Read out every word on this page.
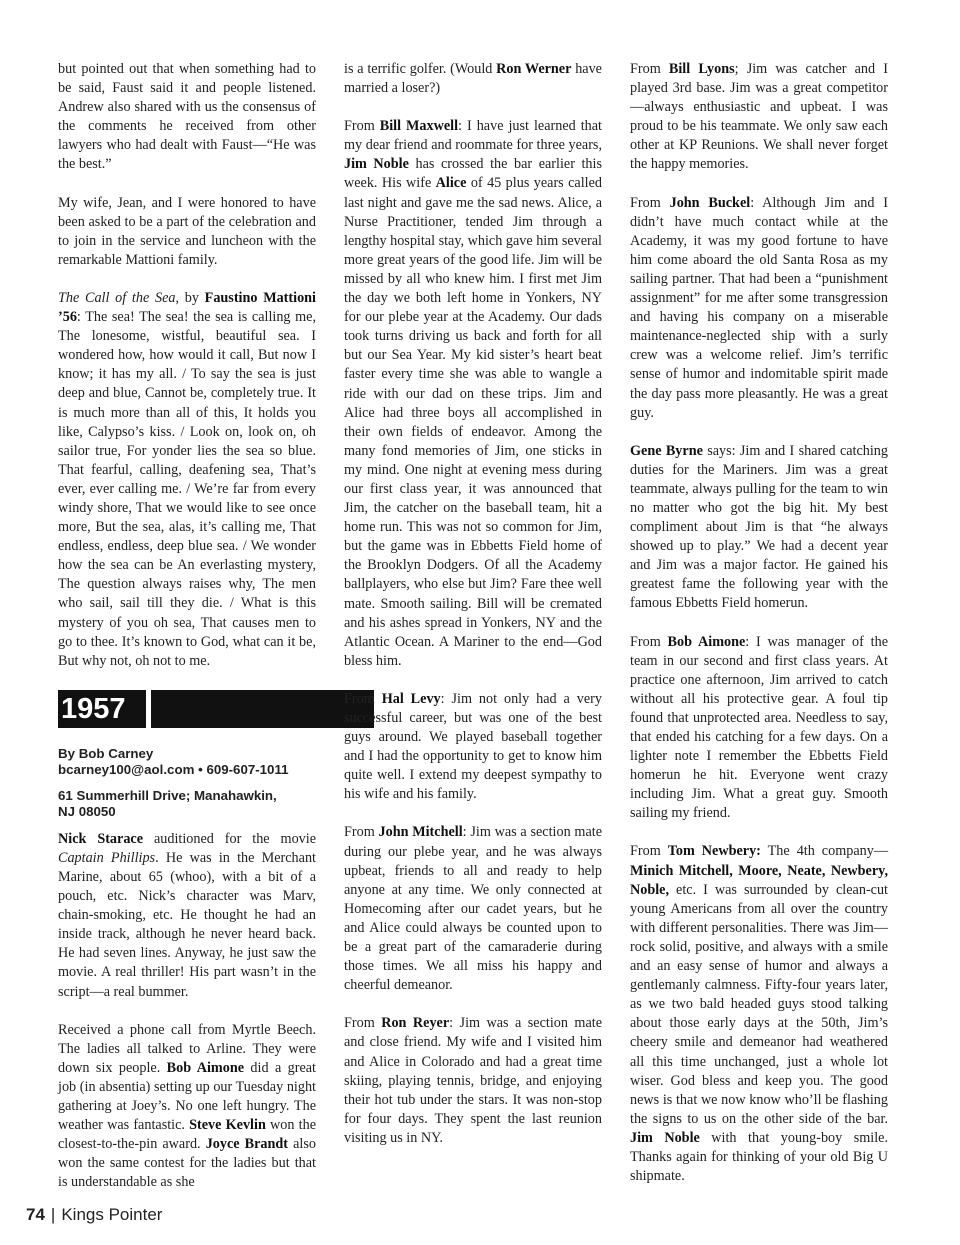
but pointed out that when something had to be said, Faust said it and people listened. Andrew also shared with us the consensus of the comments he received from other lawyers who had dealt with Faust—“He was the best.”

My wife, Jean, and I were honored to have been asked to be a part of the celebration and to join in the service and luncheon with the remarkable Mattioni family.

The Call of the Sea, by Faustino Mattioni ’56: The sea! The sea! the sea is calling me, The lonesome, wistful, beautiful sea. I wondered how, how would it call, But now I know; it has my all. / To say the sea is just deep and blue, Cannot be, completely true. It is much more than all of this, It holds you like, Calypso’s kiss. / Look on, look on, oh sailor true, For yonder lies the sea so blue. That fearful, calling, deafening sea, That’s ever, ever calling me. / We’re far from every windy shore, That we would like to see once more, But the sea, alas, it’s calling me, That endless, endless, deep blue sea. / We wonder how the sea can be An everlasting mystery, The question always raises why, The men who sail, sail till they die. / What is this mystery of you oh sea, That causes men to go to thee. It’s known to God, what can it be, But why not, oh not to me.

1957
By Bob Carney
bcarney100@aol.com • 609-607-1011
61 Summerhill Drive; Manahawkin,
NJ 08050

Nick Starace auditioned for the movie Captain Phillips. He was in the Merchant Marine, about 65 (whoo), with a bit of a pouch, etc. Nick’s character was Marv, chain-smoking, etc. He thought he had an inside track, although he never heard back. He had seven lines. Anyway, he just saw the movie. A real thriller! His part wasn’t in the script—a real bummer.

Received a phone call from Myrtle Beech. The ladies all talked to Arline. They were down six people. Bob Aimone did a great job (in absentia) setting up our Tuesday night gathering at Joey’s. No one left hungry. The weather was fantastic. Steve Kevlin won the closest-to-the-pin award. Joyce Brandt also won the same contest for the ladies but that is understandable as she

is a terrific golfer. (Would Ron Werner have married a loser?)

From Bill Maxwell: I have just learned that my dear friend and roommate for three years, Jim Noble has crossed the bar earlier this week. His wife Alice of 45 plus years called last night and gave me the sad news. Alice, a Nurse Practitioner, tended Jim through a lengthy hospital stay, which gave him several more great years of the good life. Jim will be missed by all who knew him. I first met Jim the day we both left home in Yonkers, NY for our plebe year at the Academy. Our dads took turns driving us back and forth for all but our Sea Year. My kid sister’s heart beat faster every time she was able to wangle a ride with our dad on these trips. Jim and Alice had three boys all accomplished in their own fields of endeavor. Among the many fond memories of Jim, one sticks in my mind. One night at evening mess during our first class year, it was announced that Jim, the catcher on the baseball team, hit a home run. This was not so common for Jim, but the game was in Ebbetts Field home of the Brooklyn Dodgers. Of all the Academy ballplayers, who else but Jim? Fare thee well mate. Smooth sailing. Bill will be cremated and his ashes spread in Yonkers, NY and the Atlantic Ocean. A Mariner to the end—God bless him.

From Hal Levy: Jim not only had a very successful career, but was one of the best guys around. We played baseball together and I had the opportunity to get to know him quite well. I extend my deepest sympathy to his wife and his family.

From John Mitchell: Jim was a section mate during our plebe year, and he was always upbeat, friends to all and ready to help anyone at any time. We only connected at Homecoming after our cadet years, but he and Alice could always be counted upon to be a great part of the camaraderie during those times. We all miss his happy and cheerful demeanor.

From Ron Reyer: Jim was a section mate and close friend. My wife and I visited him and Alice in Colorado and had a great time skiing, playing tennis, bridge, and enjoying their hot tub under the stars. It was non-stop for four days. They spent the last reunion visiting us in NY.

From Bill Lyons; Jim was catcher and I played 3rd base. Jim was a great competitor—always enthusiastic and upbeat. I was proud to be his teammate. We only saw each other at KP Reunions. We shall never forget the happy memories.

From John Buckel: Although Jim and I didn’t have much contact while at the Academy, it was my good fortune to have him come aboard the old Santa Rosa as my sailing partner. That had been a “punishment assignment” for me after some transgression and having his company on a miserable maintenance-neglected ship with a surly crew was a welcome relief. Jim’s terrific sense of humor and indomitable spirit made the day pass more pleasantly. He was a great guy.

Gene Byrne says: Jim and I shared catching duties for the Mariners. Jim was a great teammate, always pulling for the team to win no matter who got the big hit. My best compliment about Jim is that “he always showed up to play.” We had a decent year and Jim was a major factor. He gained his greatest fame the following year with the famous Ebbetts Field homerun.

From Bob Aimone: I was manager of the team in our second and first class years. At practice one afternoon, Jim arrived to catch without all his protective gear. A foul tip found that unprotected area. Needless to say, that ended his catching for a few days. On a lighter note I remember the Ebbetts Field homerun he hit. Everyone went crazy including Jim. What a great guy. Smooth sailing my friend.

From Tom Newbery: The 4th company—Minich Mitchell, Moore, Neate, Newbery, Noble, etc. I was surrounded by clean-cut young Americans from all over the country with different personalities. There was Jim—rock solid, positive, and always with a smile and an easy sense of humor and always a gentlemanly calmness. Fifty-four years later, as we two bald headed guys stood talking about those early days at the 50th, Jim’s cheery smile and demeanor had weathered all this time unchanged, just a whole lot wiser. God bless and keep you. The good news is that we now know who’ll be flashing the signs to us on the other side of the bar. Jim Noble with that young-boy smile. Thanks again for thinking of your old Big U shipmate.

74 | Kings Pointer
